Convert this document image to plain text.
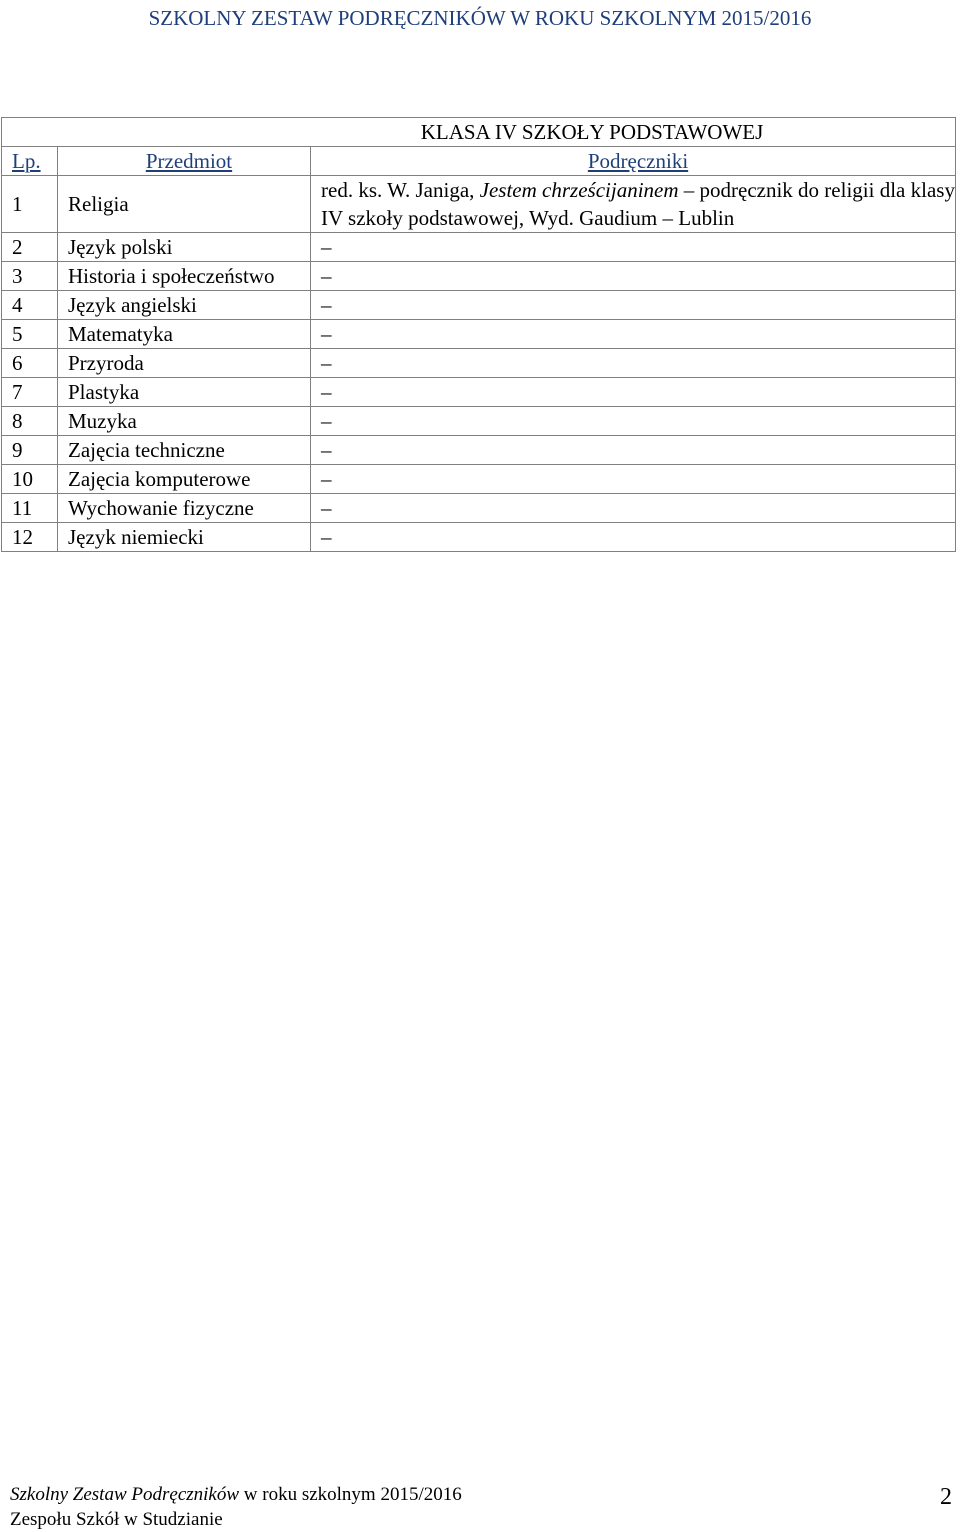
SZKOLNY ZESTAW PODRĘCZNIKÓW W ROKU SZKOLNYM 2015/2016
KLASA IV SZKOŁY PODSTAWOWEJ		
Lp.	Przedmiot	Podręczniki
1	Religia	red. ks. W. Janiga, Jestem chrześcijaninem – podręcznik do religii dla klasy IV szkoły podstawowej, Wyd. Gaudium – Lublin
2	Język polski	–
3	Historia i społeczeństwo	–
4	Język angielski	–
5	Matematyka	–
6	Przyroda	–
7	Plastyka	–
8	Muzyka	–
9	Zajęcia techniczne	–
10	Zajęcia komputerowe	–
11	Wychowanie fizyczne	–
12	Język niemiecki	–
Szkolny Zestaw Podręczników w roku szkolnym 2015/2016
Zespołu Szkół w Studzianie
2
